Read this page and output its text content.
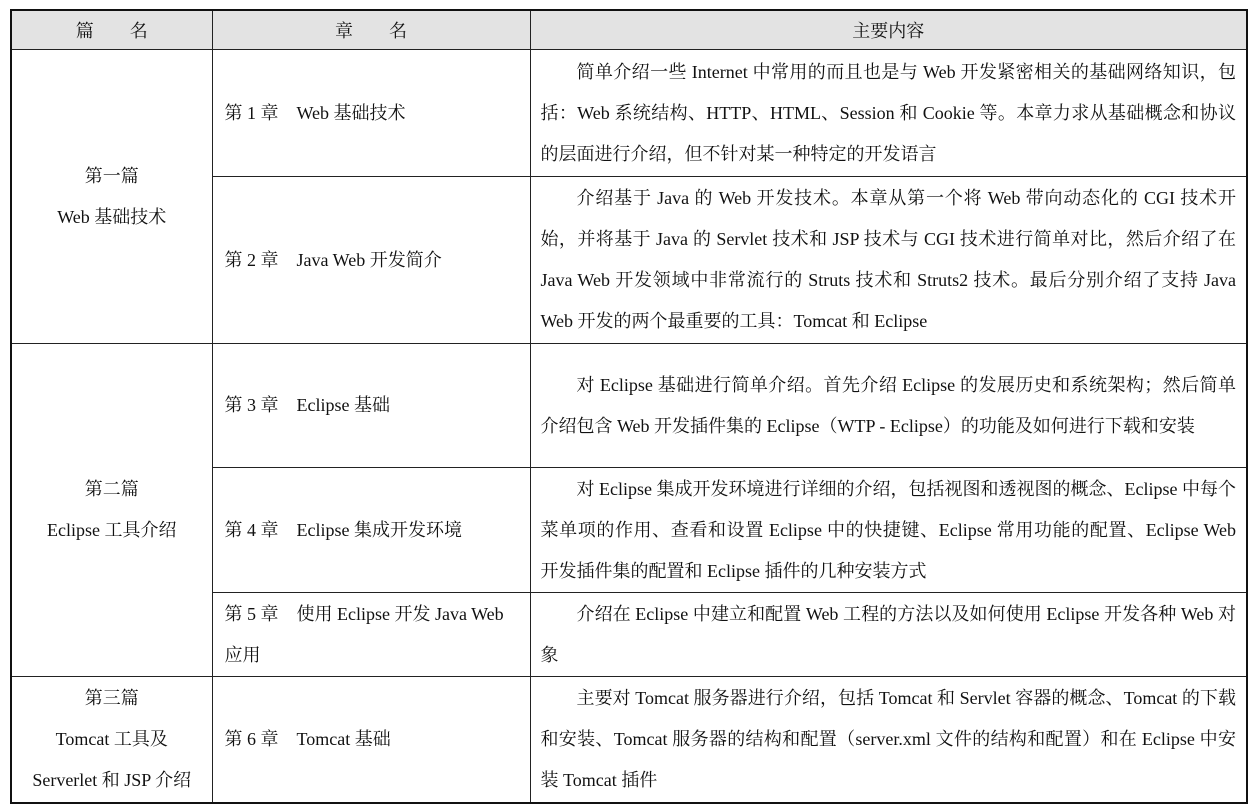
篇　　名	章　　名	主要内容

第一篇
Web 基础技术	第 1 章　Web 基础技术	简单介绍一些 Internet 中常用的而且也是与 Web 开发紧密相关的基础网络知识，包括：Web 系统结构、HTTP、HTML、Session 和 Cookie 等。本章力求从基础概念和协议的层面进行介绍，但不针对某一种特定的开发语言

	第 2 章　Java Web 开发简介	介绍基于 Java 的 Web 开发技术。本章从第一个将 Web 带向动态化的 CGI 技术开始，并将基于 Java 的 Servlet 技术和 JSP 技术与 CGI 技术进行简单对比，然后介绍了在 Java Web 开发领域中非常流行的 Struts 技术和 Struts2 技术。最后分别介绍了支持 Java Web 开发的两个最重要的工具：Tomcat 和 Eclipse

第二篇
Eclipse 工具介绍	第 3 章　Eclipse 基础	对 Eclipse 基础进行简单介绍。首先介绍 Eclipse 的发展历史和系统架构；然后简单介绍包含 Web 开发插件集的 Eclipse（WTP - Eclipse）的功能及如何进行下载和安装

	第 4 章　Eclipse 集成开发环境	对 Eclipse 集成开发环境进行详细的介绍，包括视图和透视图的概念、Eclipse 中每个菜单项的作用、查看和设置 Eclipse 中的快捷键、Eclipse 常用功能的配置、Eclipse Web 开发插件集的配置和 Eclipse 插件的几种安装方式

	第 5 章　使用 Eclipse 开发 Java Web 应用	介绍在 Eclipse 中建立和配置 Web 工程的方法以及如何使用 Eclipse 开发各种 Web 对象

第三篇
Tomcat 工具及
Serverlet 和 JSP 介绍	第 6 章　Tomcat 基础	主要对 Tomcat 服务器进行介绍，包括 Tomcat 和 Servlet 容器的概念、Tomcat 的下载和安装、Tomcat 服务器的结构和配置（server.xml 文件的结构和配置）和在 Eclipse 中安装 Tomcat 插件
